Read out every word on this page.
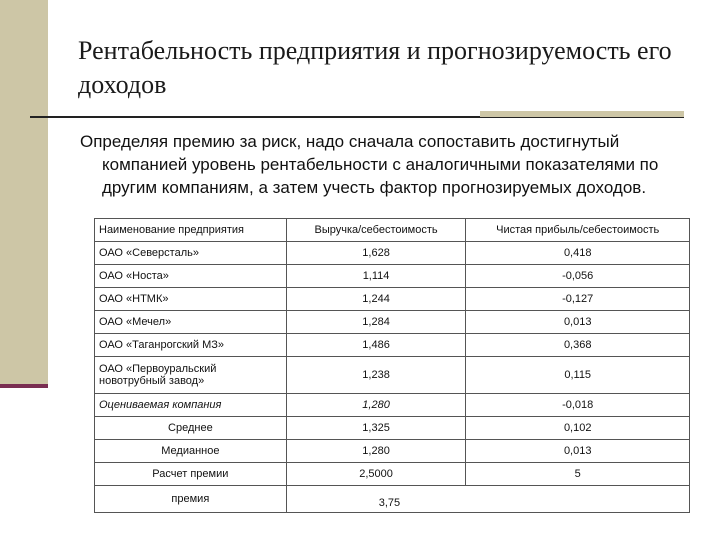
Рентабельность предприятия и прогнозируемость его доходов

Определяя премию за риск, надо сначала сопоставить достигнутый компанией уровень рентабельности с аналогичными показателями по другим компаниям, а затем учесть фактор прогнозируемых доходов.

Наименование предприятия	Выручка/себестоимость	Чистая прибыль/себестоимость
ОАО «Северсталь»	1,628	0,418
ОАО «Носта»	1,114	-0,056
ОАО «НТМК»	1,244	-0,127
ОАО «Мечел»	1,284	0,013
ОАО «Таганрогский МЗ»	1,486	0,368
ОАО «Первоуральский новотрубный завод»	1,238	0,115
Оцениваемая компания	1,280	-0,018
Среднее	1,325	0,102
Медианное	1,280	0,013
Расчет премии	2,5000	5
премия	3,75	
